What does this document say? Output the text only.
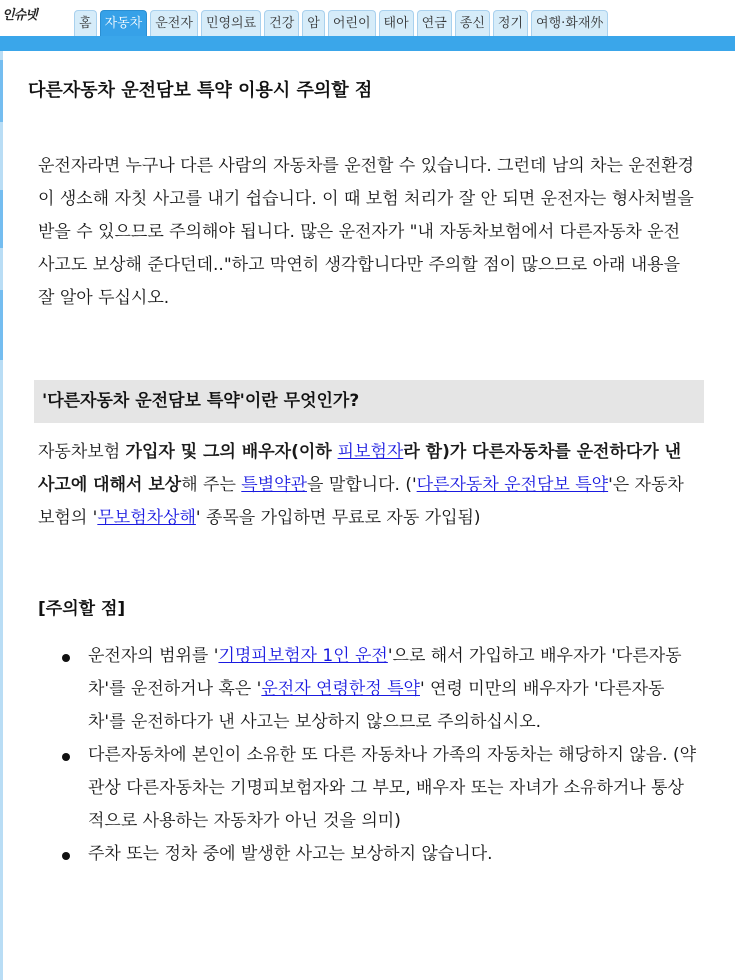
인슈넷
홈	자동차	운전자	민영의료	건강	암	어린이	태아	연금	종신	정기	여행·화재外
다른자동차 운전담보 특약 이용시 주의할 점

운전자라면 누구나 다른 사람의 자동차를 운전할 수 있습니다. 그런데 남의 차는 운전환경이 생소해 자칫 사고를 내기 쉽습니다. 이 때 보험 처리가 잘 안 되면 운전자는 형사처벌을 받을 수 있으므로 주의해야 됩니다. 많은 운전자가 "내 자동차보험에서 다른자동차 운전 사고도 보상해 준다던데.."하고 막연히 생각합니다만 주의할 점이 많으므로 아래 내용을 잘 알아 두십시오.

'다른자동차 운전담보 특약'이란 무엇인가?

자동차보험 가입자 및 그의 배우자(이하 피보험자라 함)가 다른자동차를 운전하다가 낸 사고에 대해서 보상해 주는 특별약관을 말합니다. ('다른자동차 운전담보 특약'은 자동차보험의 '무보험차상해' 종목을 가입하면 무료로 자동 가입됨)

[주의할 점]
운전자의 범위를 '기명피보험자 1인 운전'으로 해서 가입하고 배우자가 '다른자동차'를 운전하거나 혹은 '운전자 연령한정 특약' 연령 미만의 배우자가 '다른자동차'를 운전하다가 낸 사고는 보상하지 않으므로 주의하십시오.
다른자동차에 본인이 소유한 또 다른 자동차나 가족의 자동차는 해당하지 않음. (약관상 다른자동차는 기명피보험자와 그 부모, 배우자 또는 자녀가 소유하거나 통상적으로 사용하는 자동차가 아닌 것을 의미)
주차 또는 정차 중에 발생한 사고는 보상하지 않습니다.
